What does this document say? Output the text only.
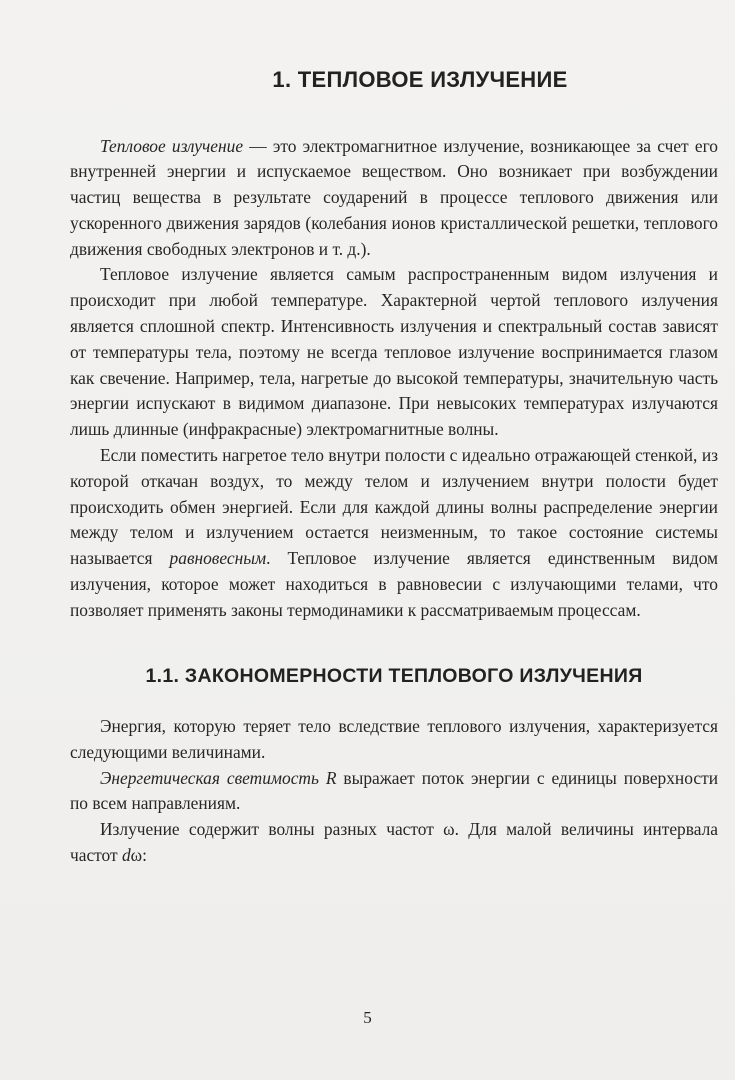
1. ТЕПЛОВОЕ ИЗЛУЧЕНИЕ

Тепловое излучение — это электромагнитное излучение, возникающее за счет его внутренней энергии и испускаемое веществом. Оно возникает при возбуждении частиц вещества в результате соударений в процессе теплового движения или ускоренного движения зарядов (колебания ионов кристаллической решетки, теплового движения свободных электронов и т. д.).

Тепловое излучение является самым распространенным видом излучения и происходит при любой температуре. Характерной чертой теплового излучения является сплошной спектр. Интенсивность излучения и спектральный состав зависят от температуры тела, поэтому не всегда тепловое излучение воспринимается глазом как свечение. Например, тела, нагретые до высокой температуры, значительную часть энергии испускают в видимом диапазоне. При невысоких температурах излучаются лишь длинные (инфракрасные) электромагнитные волны.

Если поместить нагретое тело внутри полости с идеально отражающей стенкой, из которой откачан воздух, то между телом и излучением внутри полости будет происходить обмен энергией. Если для каждой длины волны распределение энергии между телом и излучением остается неизменным, то такое состояние системы называется равновесным. Тепловое излучение является единственным видом излучения, которое может находиться в равновесии с излучающими телами, что позволяет применять законы термодинамики к рассматриваемым процессам.

1.1. ЗАКОНОМЕРНОСТИ ТЕПЛОВОГО ИЗЛУЧЕНИЯ

Энергия, которую теряет тело вследствие теплового излучения, характеризуется следующими величинами.

Энергетическая светимость R выражает поток энергии с единицы поверхности по всем направлениям.

Излучение содержит волны разных частот ω. Для малой величины интервала частот dω:

5
